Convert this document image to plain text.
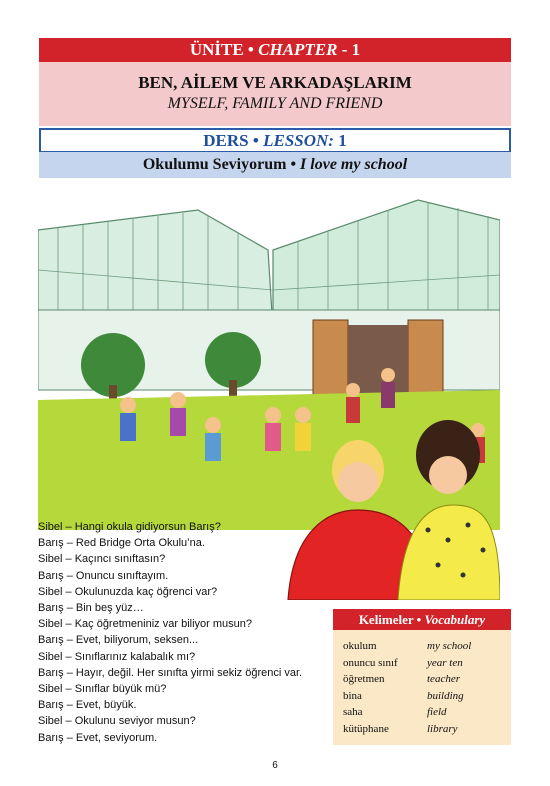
ÜNİTE • CHAPTER - 1
BEN, AİLEM VE ARKADAŞLARIM
MYSELF, FAMILY AND FRIEND
DERS • LESSON: 1
Okulumu Seviyorum • I love my school
Sibel – Hangi okula gidiyorsun Barış?
Barış – Red Bridge Orta Okulu’na.
Sibel – Kaçıncı sınıftasın?
Barış – Onuncu sınıftayım.
Sibel – Okulunuzda kaç öğrenci var?
Barış – Bin beş yüz…
Sibel – Kaç öğretmeniniz var biliyor musun?
Barış – Evet, biliyorum, seksen...
Sibel – Sınıflarınız kalabalık mı?
Barış – Hayır, değil. Her sınıfta yirmi sekiz öğrenci var.
Sibel – Sınıflar büyük mü?
Barış – Evet, büyük.
Sibel – Okulunu seviyor musun?
Barış – Evet, seviyorum.
Kelimeler • Vocabulary
okulum	my school
onuncu sınıf	year ten
öğretmen	teacher
bina	building
saha	field
kütüphane	library
6
